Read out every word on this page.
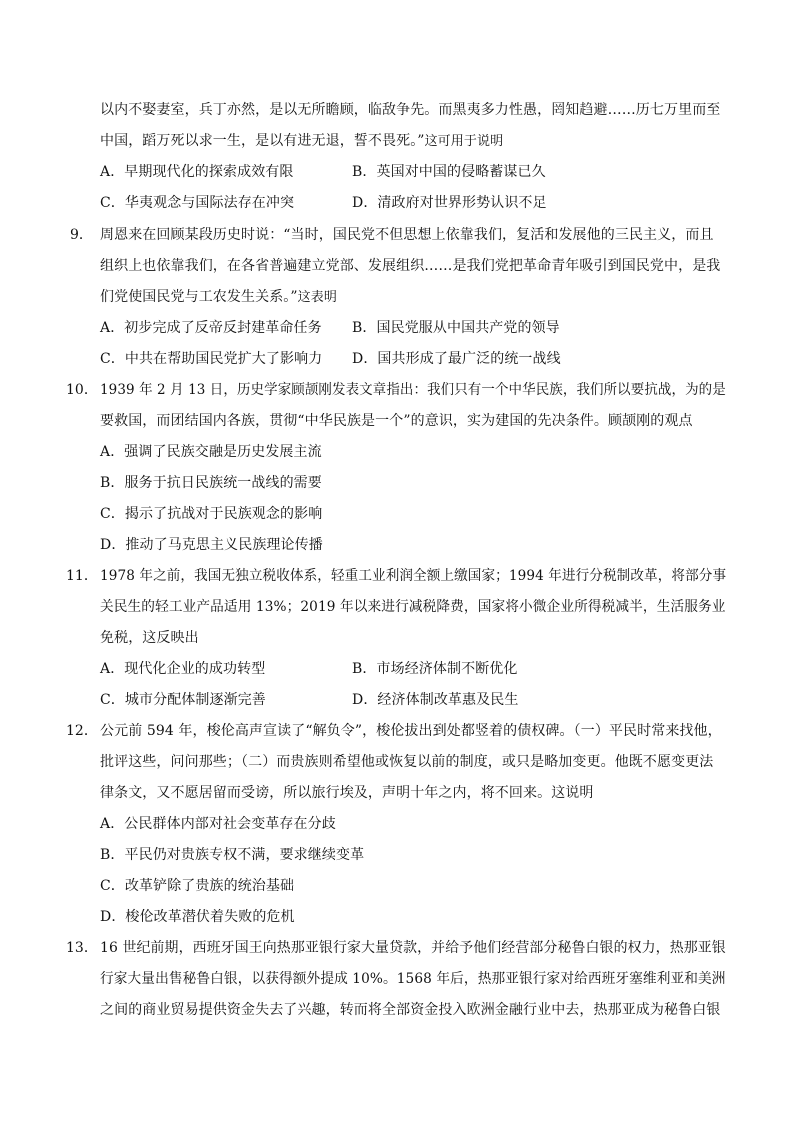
以内不娶妻室，兵丁亦然，是以无所瞻顾，临敌争先。而黑夷多力性愚，罔知趋避……历七万里而至
中国，蹈万死以求一生，是以有进无退，誓不畏死。”这可用于说明
A．早期现代化的探索成效有限	B．英国对中国的侵略蓄谋已久
C．华夷观念与国际法存在冲突	D．清政府对世界形势认识不足
9． 周恩来在回顾某段历史时说：“当时，国民党不但思想上依靠我们，复活和发展他的三民主义，而且
组织上也依靠我们，在各省普遍建立党部、发展组织……是我们党把革命青年吸引到国民党中，是我
们党使国民党与工农发生关系。”这表明
A．初步完成了反帝反封建革命任务 B．国民党服从中国共产党的领导
C．中共在帮助国民党扩大了影响力 D．国共形成了最广泛的统一战线
10． 1939 年 2 月 13 日，历史学家顾颉刚发表文章指出：我们只有一个中华民族，我们所以要抗战，为的是
要救国，而团结国内各族，贯彻“中华民族是一个”的意识，实为建国的先决条件。顾颉刚的观点
A．强调了民族交融是历史发展主流
B．服务于抗日民族统一战线的需要
C．揭示了抗战对于民族观念的影响
D．推动了马克思主义民族理论传播
11． 1978 年之前，我国无独立税收体系，轻重工业利润全额上缴国家；1994 年进行分税制改革，将部分事
关民生的轻工业产品适用 13%；2019 年以来进行减税降费，国家将小微企业所得税减半，生活服务业
免税，这反映出
A．现代化企业的成功转型	B．市场经济体制不断优化
C．城市分配体制逐渐完善	D．经济体制改革惠及民生
12． 公元前 594 年，梭伦高声宣读了“解负令”，梭伦拔出到处都竖着的债权碑。（一）平民时常来找他，
批评这些，问问那些；（二）而贵族则希望他或恢复以前的制度，或只是略加变更。他既不愿变更法
律条文，又不愿居留而受谤，所以旅行埃及，声明十年之内，将不回来。这说明
A．公民群体内部对社会变革存在分歧
B．平民仍对贵族专权不满，要求继续变革
C．改革铲除了贵族的统治基础
D．梭伦改革潜伏着失败的危机
13． 16 世纪前期，西班牙国王向热那亚银行家大量贷款，并给予他们经营部分秘鲁白银的权力，热那亚银
行家大量出售秘鲁白银，以获得额外提成 10%。1568 年后，热那亚银行家对给西班牙塞维利亚和美洲
之间的商业贸易提供资金失去了兴趣，转而将全部资金投入欧洲金融行业中去，热那亚成为秘鲁白银
